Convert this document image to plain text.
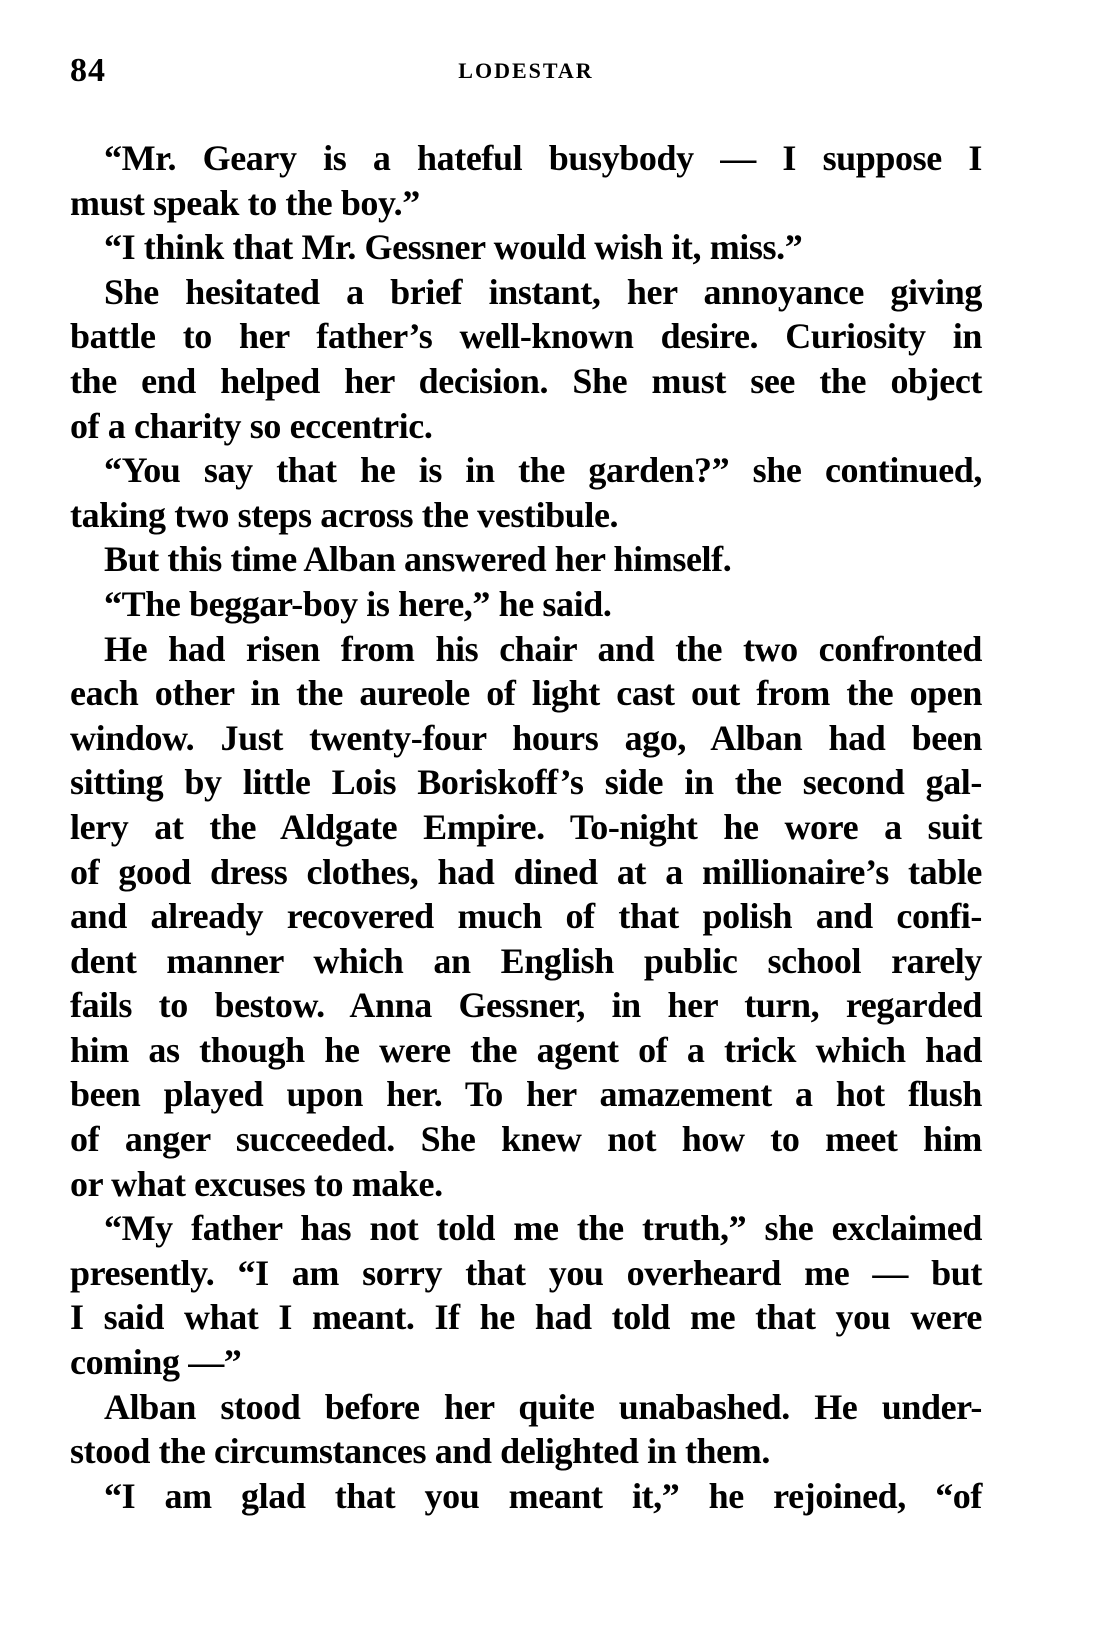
84	LODESTAR
“Mr. Geary is a hateful busybody — I suppose I
must speak to the boy.”
“I think that Mr. Gessner would wish it, miss.”
She hesitated a brief instant, her annoyance giving
battle to her father’s well-known desire. Curiosity in
the end helped her decision. She must see the object
of a charity so eccentric.
“You say that he is in the garden?” she continued,
taking two steps across the vestibule.
But this time Alban answered her himself.
“The beggar-boy is here,” he said.
He had risen from his chair and the two confronted
each other in the aureole of light cast out from the open
window. Just twenty-four hours ago, Alban had been
sitting by little Lois Boriskoff’s side in the second gal-
lery at the Aldgate Empire. To-night he wore a suit
of good dress clothes, had dined at a millionaire’s table
and already recovered much of that polish and confi-
dent manner which an English public school rarely
fails to bestow. Anna Gessner, in her turn, regarded
him as though he were the agent of a trick which had
been played upon her. To her amazement a hot flush
of anger succeeded. She knew not how to meet him
or what excuses to make.
“My father has not told me the truth,” she exclaimed
presently. “I am sorry that you overheard me — but
I said what I meant. If he had told me that you were
coming —”
Alban stood before her quite unabashed. He under-
stood the circumstances and delighted in them.
“I am glad that you meant it,” he rejoined, “of
